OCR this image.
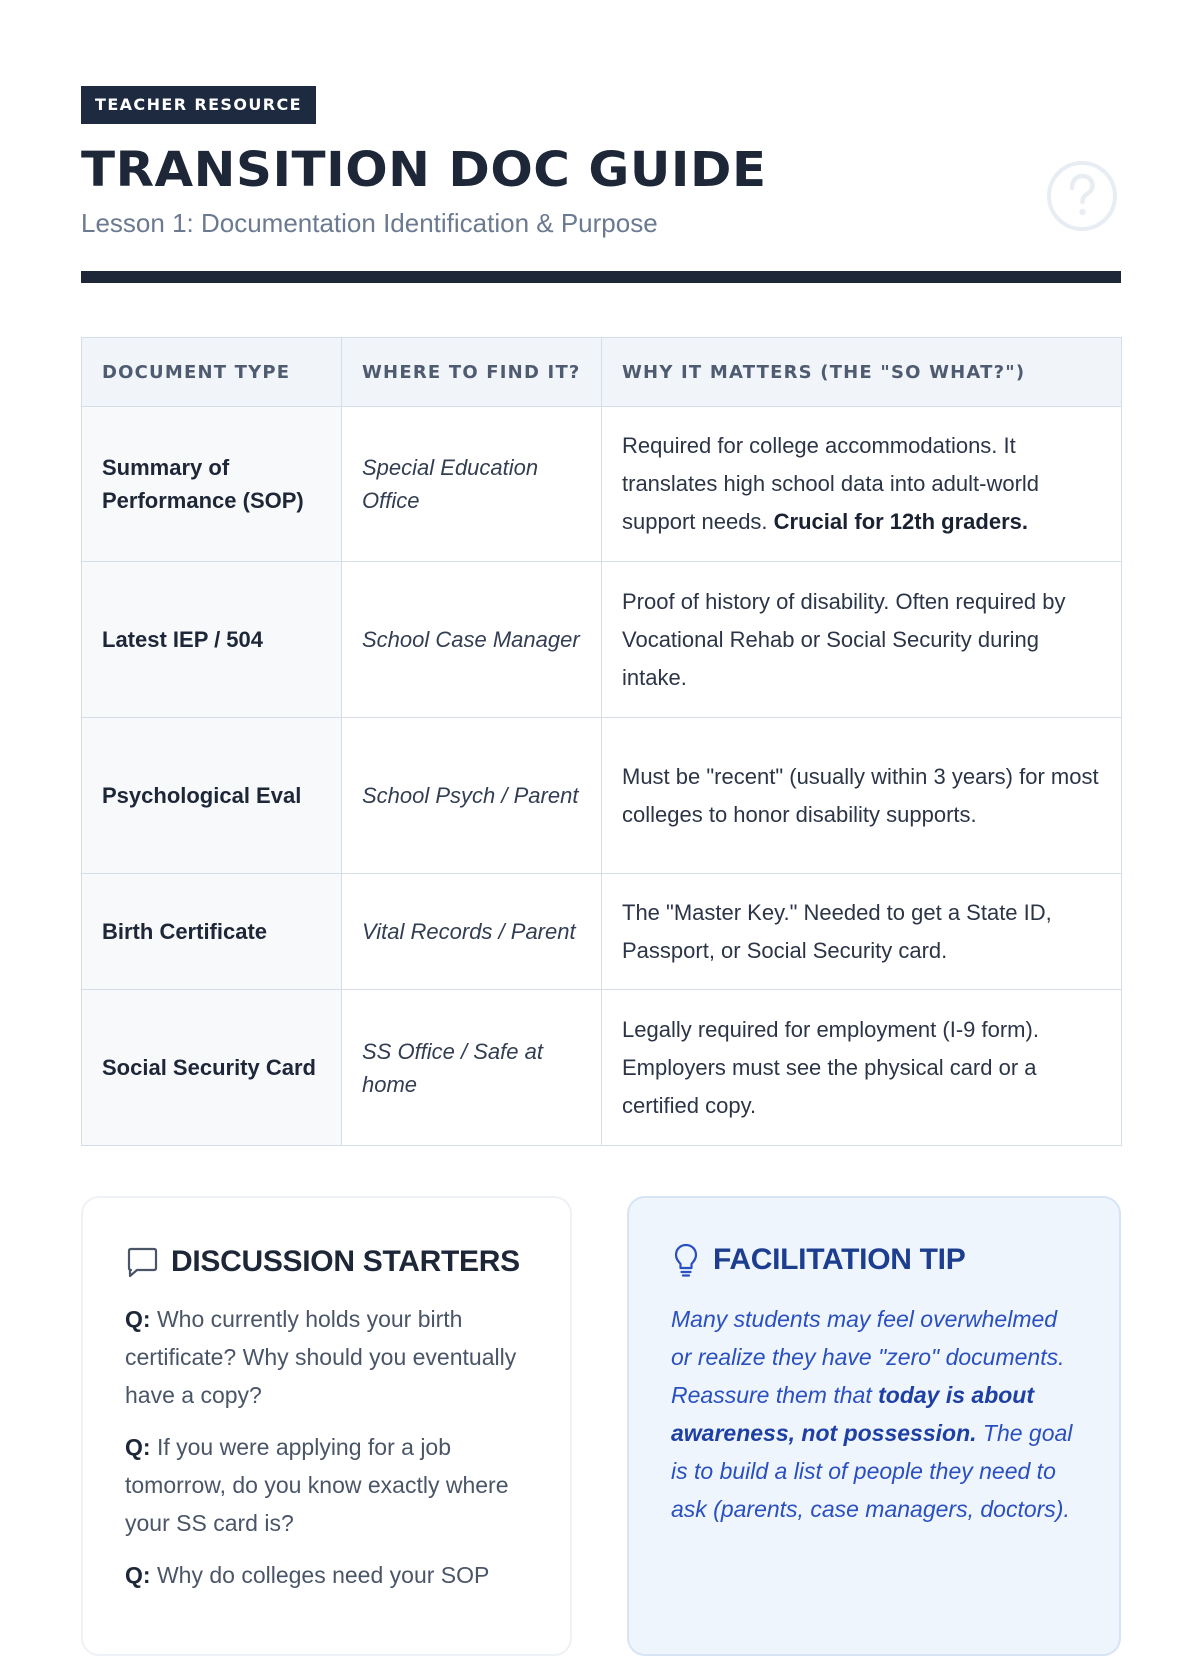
TEACHER RESOURCE
TRANSITION DOC GUIDE
Lesson 1: Documentation Identification & Purpose
DOCUMENT TYPE	WHERE TO FIND IT?	WHY IT MATTERS (THE "SO WHAT?")
Summary of Performance (SOP)	Special Education Office	Required for college accommodations. It translates high school data into adult-world support needs. Crucial for 12th graders.
Latest IEP / 504	School Case Manager	Proof of history of disability. Often required by Vocational Rehab or Social Security during intake.
Psychological Eval	School Psych / Parent	Must be "recent" (usually within 3 years) for most colleges to honor disability supports.
Birth Certificate	Vital Records / Parent	The "Master Key." Needed to get a State ID, Passport, or Social Security card.
Social Security Card	SS Office / Safe at home	Legally required for employment (I-9 form). Employers must see the physical card or a certified copy.
DISCUSSION STARTERS
Q: Who currently holds your birth certificate? Why should you eventually have a copy?
Q: If you were applying for a job tomorrow, do you know exactly where your SS card is?
Q: Why do colleges need your SOP
FACILITATION TIP
Many students may feel overwhelmed or realize they have "zero" documents. Reassure them that today is about awareness, not possession. The goal is to build a list of people they need to ask (parents, case managers, doctors).
